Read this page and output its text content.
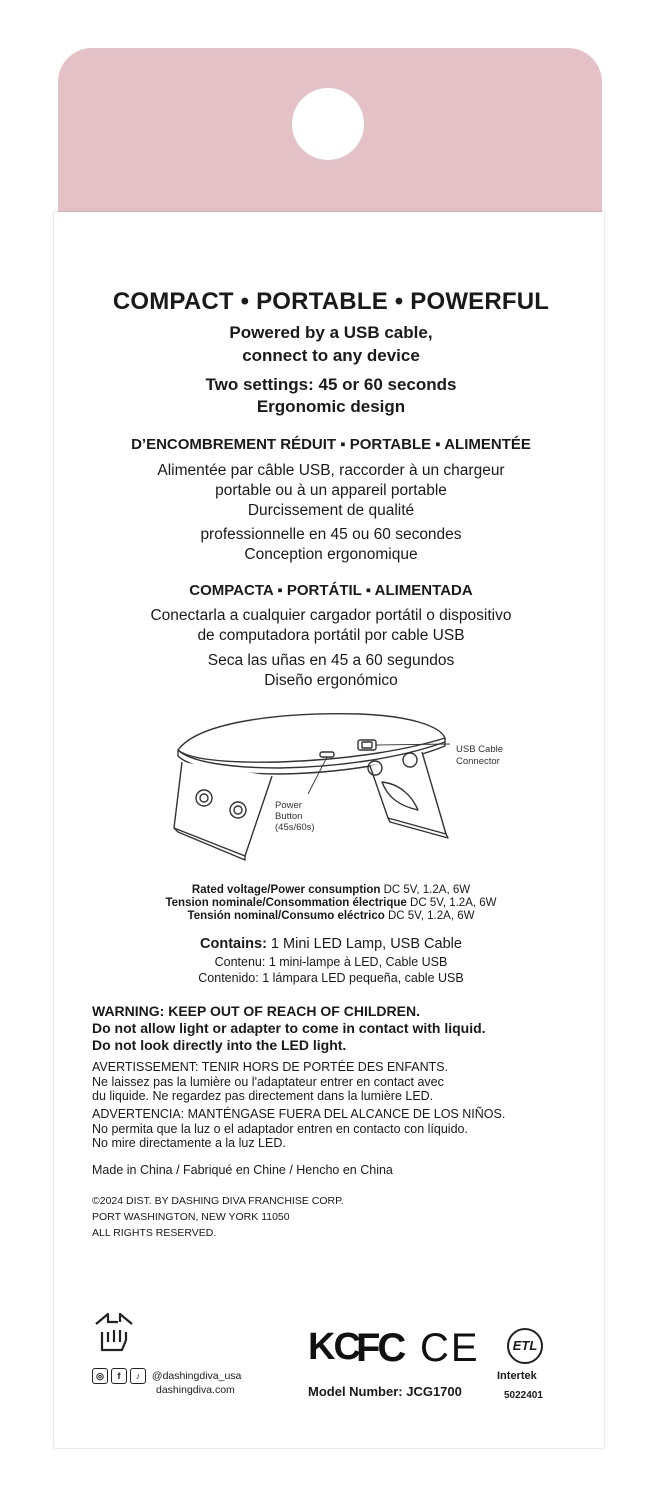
COMPACT • PORTABLE • POWERFUL
Powered by a USB cable,
connect to any device
Two settings: 45 or 60 seconds
Ergonomic design
D’ENCOMBREMENT RÉDUIT ▪ PORTABLE ▪ ALIMENTÉE
Alimentée par câble USB, raccorder à un chargeur
portable ou à un appareil portable
Durcissement de qualité
professionnelle en 45 ou 60 secondes
Conception ergonomique
COMPACTA ▪ PORTÁTIL ▪ ALIMENTADA
Conectarla a cualquier cargador portátil o dispositivo
de computadora portátil por cable USB
Seca las uñas en 45 a 60 segundos
Diseño ergonómico
USB Cable
Connector
Power
Button
(45s/60s)
Rated voltage/Power consumption DC 5V, 1.2A, 6W
Tension nominale/Consommation électrique DC 5V, 1.2A, 6W
Tensión nominal/Consumo eléctrico DC 5V, 1.2A, 6W
Contains: 1 Mini LED Lamp, USB Cable
Contenu: 1 mini-lampe à LED, Cable USB
Contenido: 1 lámpara LED pequeña, cable USB
WARNING: KEEP OUT OF REACH OF CHILDREN.
Do not allow light or adapter to come in contact with liquid.
Do not look directly into the LED light.
AVERTISSEMENT: TENIR HORS DE PORTÉE DES ENFANTS.
Ne laissez pas la lumière ou l'adaptateur entrer en contact avec
du liquide. Ne regardez pas directement dans la lumière LED.
ADVERTENCIA: MANTÉNGASE FUERA DEL ALCANCE DE LOS NIÑOS.
No permita que la luz o el adaptador entren en contacto con líquido.
No mire directamente a la luz LED.
Made in China / Fabriqué en Chine / Hencho en China
©2024 DIST. BY DASHING DIVA FRANCHISE CORP.
PORT WASHINGTON, NEW YORK 11050
ALL RIGHTS RESERVED.
◎ f ♪ @dashingdiva_usa
dashingdiva.com
KC
FC CE	ETL
Intertek
5022401
Model Number: JCG1700
